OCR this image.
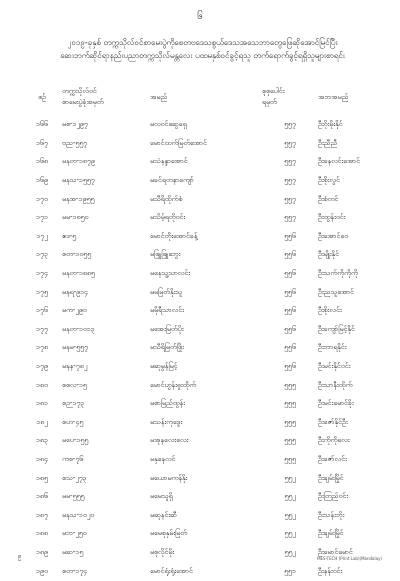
၆
၂၀၁၉-ခုနှစ် တက္ကသိုလ်ဝင်စာမေးပွဲကိုစေတဗဒေသစွယ်ဒေသအသေဘာတွေဖြေဆိုအောင်မြင်ပြီး
ဆေးဘက်ဆိုင်ရာနည်းပညာတက္ကသိုလ်မန္တလေး ပထမနှစ်ဝင်ခွင့်ရသူ တက်ရောက်ခွင့်ရရှိသူများစာရင်း
စဉ်	တက္ကသိုလ်ဝင်
စာမေးပွဲခုံအမှတ်	အမည်	စုစုပေါင်း
ရမှတ်	အဘအမည်
၁၆၆	မစ-၁၂၉၇	မလဝင်ဆွေရှေ	၅၅၇	ဦးဝိုးမိုးနိုင်
၁၆၇	ဗည-၅၅၇	မောင်ထက်မြတ်အောင်	၅၅၇	ဦးညီညီ
၁၆၈	မနတ-၁၈၇၉	မသဲနန္ဒာအောင်	၅၅၇	ဦးနေလင်းအောင်
၁၆၉	မနသ-၁၅၅၇	မခင်ရတနာကျော်	၅၅၇	ဦးစိုးလွင်
၁၇၀	မနအ-၁၉၅၅	မသီရိထိုက်စံ	၅၅၇	ဦးစံတင်
၁၇၁	မမ-၁၈၅၀	မသိမ့်ရတိုဝင်း	၅၅၇	ဦးထွန်းဝင်း
၁၇၂	ဧဒ-၅	မောင်တိုးအောင်ခန့်	၅၅၆	ဦးအောင်ဝေ
၁၇၃	စတ-၁၀၅၅	မဖြူဖြူဘွေး	၅၅၆	ဦးမျိုးနိုင်
၁၇၄	မနတ-၁၈၈၅	မနေသူ့သာလင်း	၅၅၆	ဦးသက်ကိုကိုကို
၁၇၅	မနရ-၉၁၄	မမမြတ်နိုးသူ	၅၅၆	ဦးညသူအောင်
၁၇၆	မက-၂၉၀	မမိုရီသာလင်း	၅၅၆	ဦးစိုးလင်း
၁၇၇	မနတ-၁၀၁၃	မအေးမြတ်ပိုး	၅၅၆	ဦးကျော်မြင့်နိုင်
၁၇၈	မနမ-၅၅၇	မသီရိမြတ်ဖြိုး	၅၅၆	ဦးဘာရနိုင်း
၁၇၉	မနန-၇၈၂	မဆုမွန်မြင့်	၅၅၆	ဦးမင်းနိုင်ဝင်း
၁၈၀	စစလ-၁၅	မောင်ဟွန်းဓူးထိုက်	၅၅၅	ဦးသာနီးထိုက်
၁၈၁	စဉ-၁၇၃	မစာမြည်ထွန်း	၅၅၅	ဦးမင်းမောင်ခိုး
၁၈၂	စဟ-၄၅	မသန်းကုဒ္ဒေး	၅၅၅	ဦးဇော်နိုင်ဦး
၁၈၃	မပေ-၁၅၅	မအုနလေးလေး	၅၅၅	ဦးကိုကိုလေး
၁၈၄	ကစ-၇၆	မနှနေလင်	၅၅၅	ဦးဇော်လင်း
၁၈၅	စသ-၂၇၃	မယောမကန်နိုး	၅၅၂	ဦးချမ်းမြိုင်
၁၈၆	မမ-၅၅၅	မမေသူရှိ	၅၅၂	ဦးတြည်ဝင်း
၁၈၇	မနသ-၁၀၂၀	မဆုနင်းဆီ	၅၅၂	ဦးသန်းဘိုး
၁၈၈	မဘ-၂၅၀	မမေစုနှမ်းမြတ်	၅၅၂	ဦးချမ်းမြိုင်
၁၈၉	မဆ-၁၅	မစုလိုင်မိုး	၅၅၂	ဦးမောင်မောင်
၁၉၀	စတ-၁၇၄	မောင်ရုံးရုံးအောင်	၅၅၁	ဦးနန်းဝင်း
၉	MES-TECH (Print Lab)(Mandalay)
